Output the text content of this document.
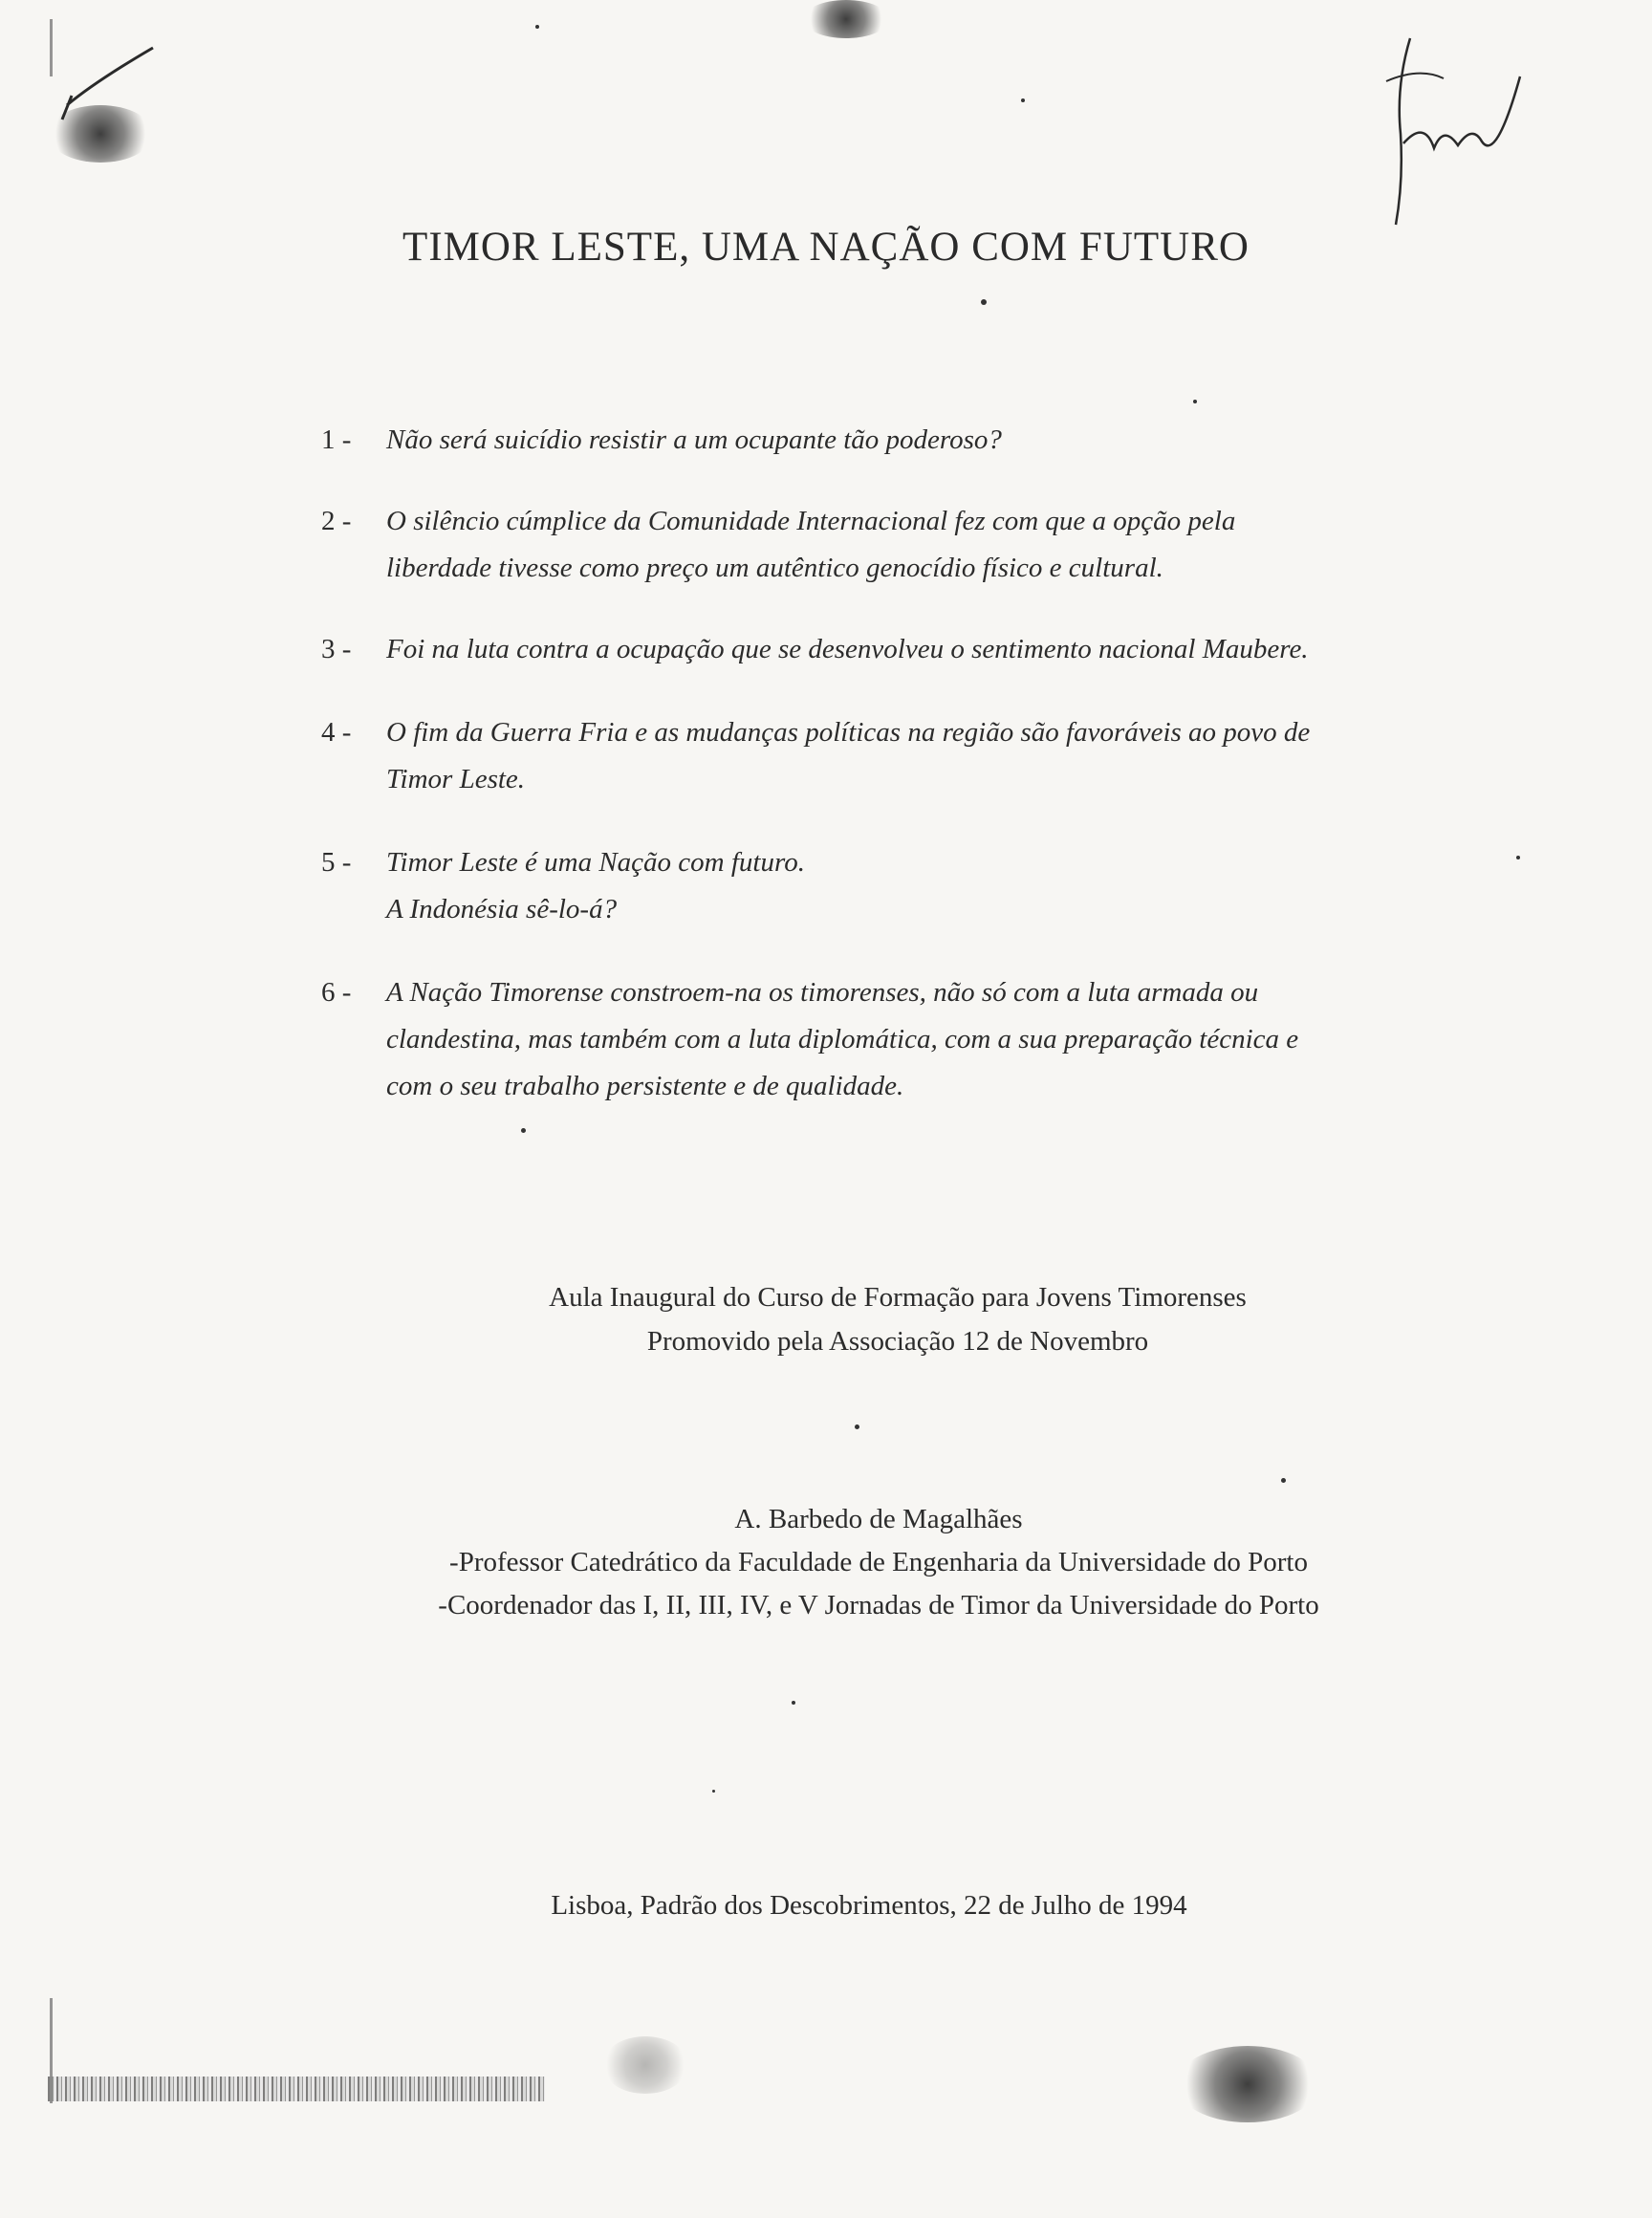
TIMOR LESTE, UMA NAÇÃO COM FUTURO
1 -	Não será suicídio resistir a um ocupante tão poderoso?
2 -	O silêncio cúmplice da Comunidade Internacional fez com que a opção pela
liberdade tivesse como preço um autêntico genocídio físico e cultural.
3 -	Foi na luta contra a ocupação que se desenvolveu o sentimento nacional Maubere.
4 -	O fim da Guerra Fria e as mudanças políticas na região são favoráveis ao povo de
Timor Leste.
5 -	Timor Leste é uma Nação com futuro.
A Indonésia sê-lo-á?
6 -	A Nação Timorense constroem-na os timorenses, não só com a luta armada ou
clandestina, mas também com a luta diplomática, com a sua preparação técnica e
com o seu trabalho persistente e de qualidade.
Aula Inaugural do Curso de Formação para Jovens Timorenses
Promovido pela Associação 12 de Novembro
A. Barbedo de Magalhães
-Professor Catedrático da Faculdade de Engenharia da Universidade do Porto
-Coordenador das I, II, III, IV, e V Jornadas de Timor da Universidade do Porto
Lisboa, Padrão dos Descobrimentos, 22 de Julho de 1994
